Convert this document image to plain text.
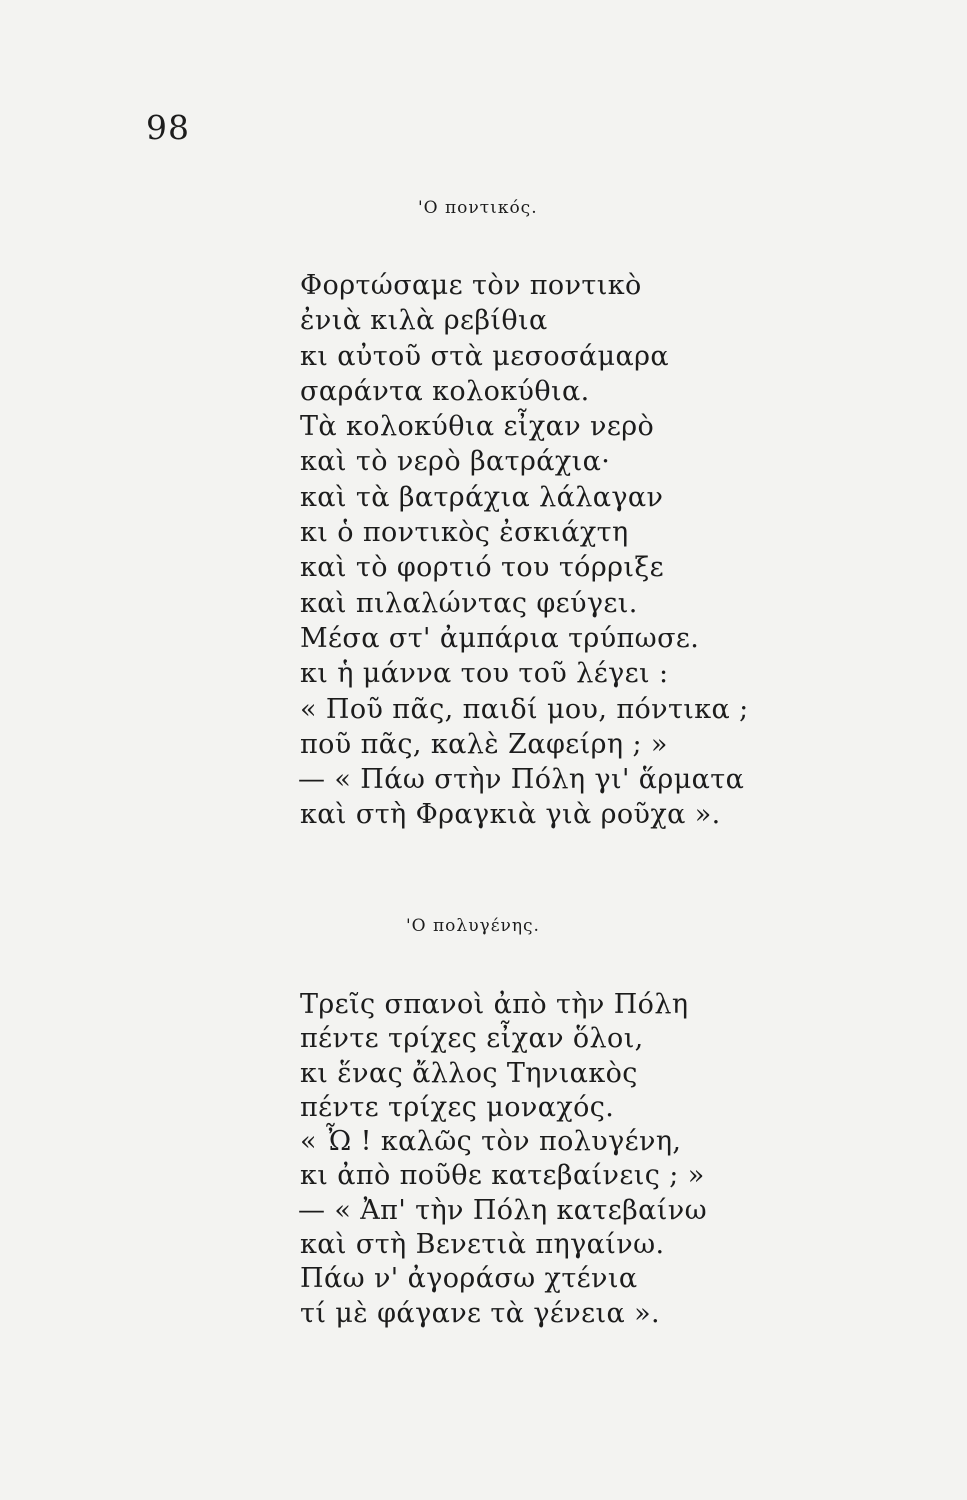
98
'Ο ποντικός.
Φορτώσαμε τὸν ποντικὸ
ἐνιὰ κιλὰ ρεβίθια
κι αὐτοῦ στὰ μεσοσάμαρα
σαράντα κολοκύθια.
Τὰ κολοκύθια εἶχαν νερὸ
καὶ τὸ νερὸ βατράχια·
καὶ τὰ βατράχια λάλαγαν
κι ὁ ποντικὸς ἐσκιάχτη
καὶ τὸ φορτιό του τόρριξε
καὶ πιλαλώντας φεύγει.
Μέσα στ' ἀμπάρια τρύπωσε.
κι ἡ μάννα του τοῦ λέγει :
« Ποῦ πᾶς, παιδί μου, πόντικα ;
ποῦ πᾶς, καλὲ Ζαφείρη ; »
— « Πάω στὴν Πόλη γι' ἅρματα
καὶ στὴ Φραγκιὰ γιὰ ροῦχα ».
'Ο πολυγένης.
Τρεῖς σπανοὶ ἀπὸ τὴν Πόλη
πέντε τρίχες εἶχαν ὅλοι,
κι ἕνας ἄλλος Τηνιακὸς
πέντε τρίχες μοναχός.
« Ὦ ! καλῶς τὸν πολυγένη,
κι ἀπὸ ποῦθε κατεβαίνεις ; »
— « Ἀπ' τὴν Πόλη κατεβαίνω
καὶ στὴ Βενετιὰ πηγαίνω.
Πάω ν' ἀγοράσω χτένια
τί μὲ φάγανε τὰ γένεια ».
